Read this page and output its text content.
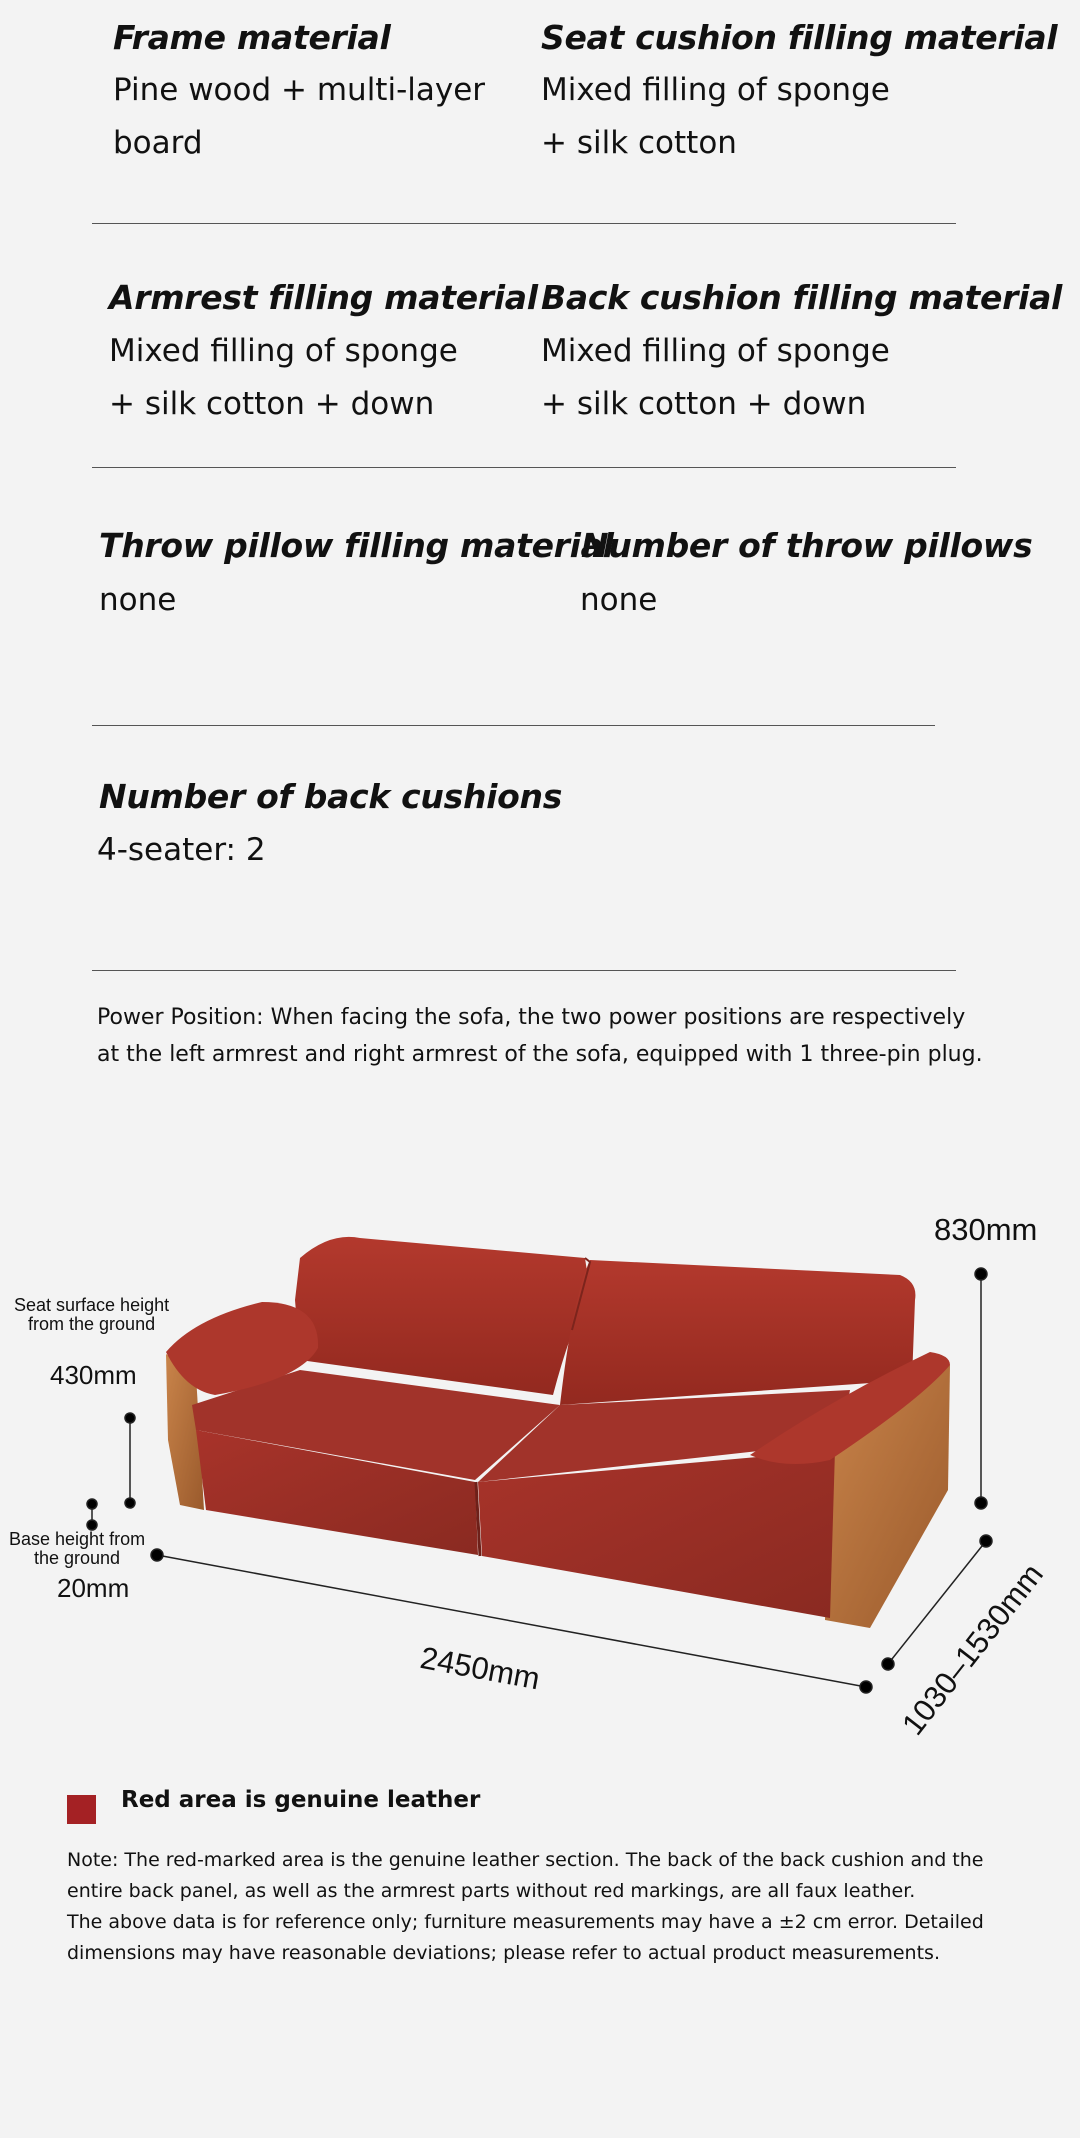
Frame material
Pine wood + multi-layer
board
Seat cushion filling material
Mixed filling of sponge
+ silk cotton
Armrest filling material
Mixed filling of sponge
+ silk cotton + down
Back cushion filling material
Mixed filling of sponge
+ silk cotton + down
Throw pillow filling material
none
Number of throw pillows
none
Number of back cushions
4-seater: 2
Power Position: When facing the sofa, the two power positions are respectively
at the left armrest and right armrest of the sofa, equipped with 1 three-pin plug.
830mm
Seat surface height
from the ground
430mm
Base height from
the ground
20mm
2450mm	1030–1530mm
Red area is genuine leather
Note: The red-marked area is the genuine leather section. The back of the back cushion and the
entire back panel, as well as the armrest parts without red markings, are all faux leather.
The above data is for reference only; furniture measurements may have a ±2 cm error. Detailed
dimensions may have reasonable deviations; please refer to actual product measurements.
